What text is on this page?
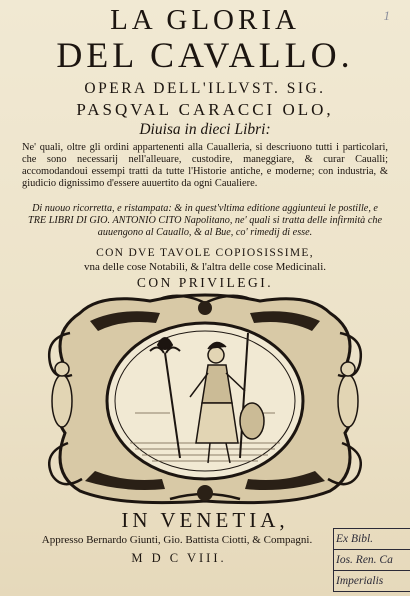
1
LA GLORIA
DEL CAVALLO.
OPERA DELL'ILLVST. SIG.
PASQVAL CARACCI OLO,
Diuisa in dieci Libri:
Ne' quali, oltre gli ordini appartenenti alla Caualleria, si descriuono tutti i particolari, che sono necessarij nell'alleuare, custodire, maneggiare, & curar Caualli; accomodandoui essempi tratti da tutte l'Historie antiche, e moderne; con industria, & giudicio dignissimo d'essere auuertito da ogni Caualiere.
Di nuouo ricorretta, e ristampata: & in quest'vltima editione aggiunteui le postille, e TRE LIBRI DI GIO. ANTONIO CITO Napolitano, ne' quali si tratta delle infirmità che auuengono al Cauallo, & al Bue, co' rimedij di esse.
CON DVE TAVOLE COPIOSISSIME,
vna delle cose Notabili, & l'altra delle cose Medicinali.
CON PRIVILEGI.
IN VENETIA,
Appresso Bernardo Giunti, Gio. Battista Ciotti, & Compagni.
M D C VIII.
Ex Bibl.
Ios. Ren. Ca
Imperialis
